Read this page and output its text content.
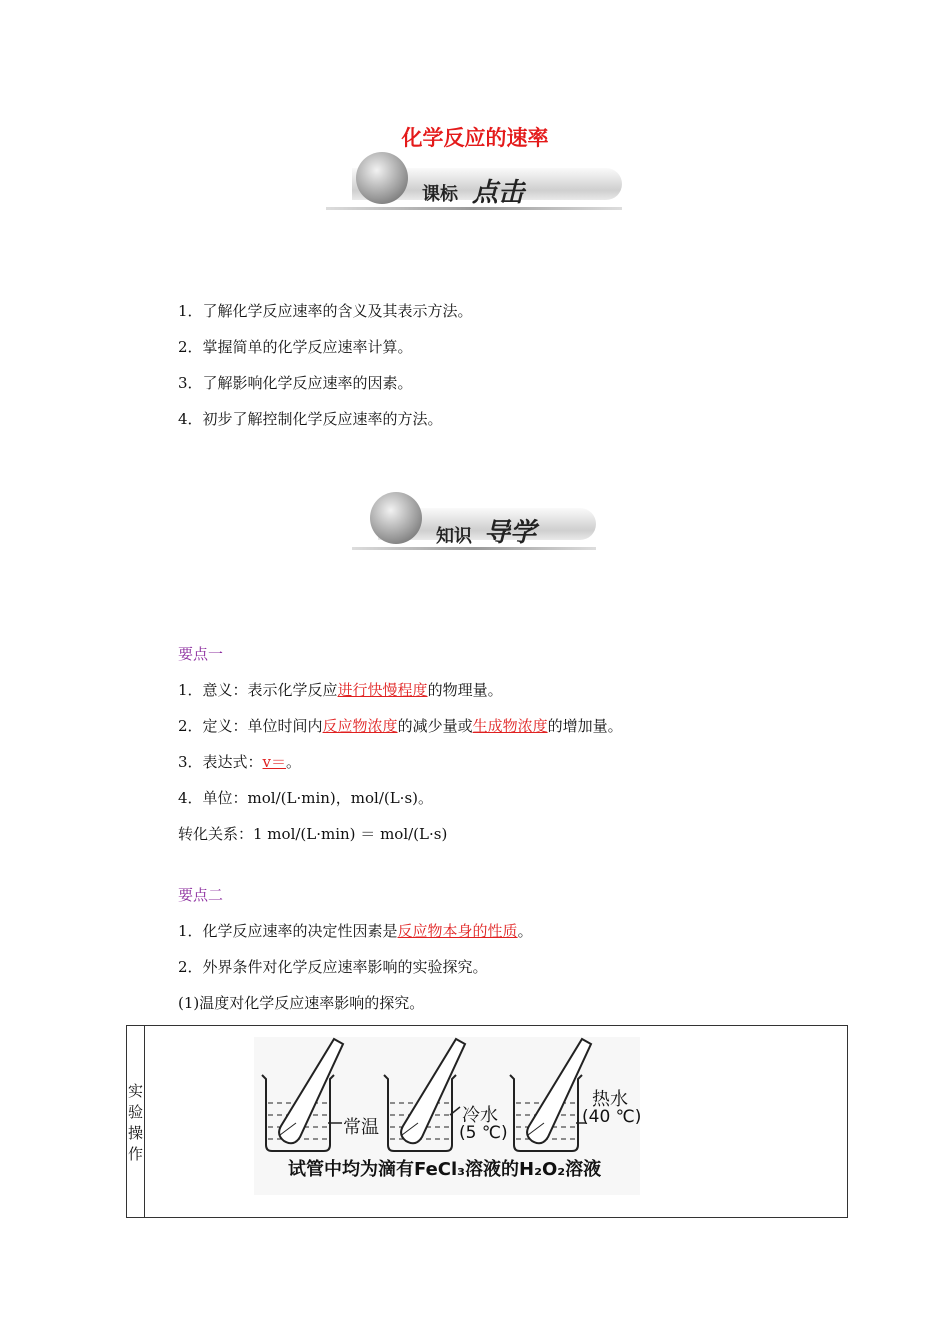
化学反应的速率
课标 点击
1．了解化学反应速率的含义及其表示方法。
2．掌握简单的化学反应速率计算。
3．了解影响化学反应速率的因素。
4．初步了解控制化学反应速率的方法。
知识 导学
要点一
1．意义：表示化学反应进行快慢程度的物理量。
2．定义：单位时间内反应物浓度的减少量或生成物浓度的增加量。
3．表达式：v＝。
4．单位：mol/(L·min)，mol/(L·s)。
转化关系：1 mol/(L·min) ＝ mol/(L·s)
要点二
1．化学反应速率的决定性因素是反应物本身的性质。
2．外界条件对化学反应速率影响的实验探究。
(1)温度对化学反应速率影响的探究。
实验操作	
常温
冷水
(5 ℃)
热水
(40 ℃)
试管中均为滴有FeCl₃溶液的H₂O₂溶液
